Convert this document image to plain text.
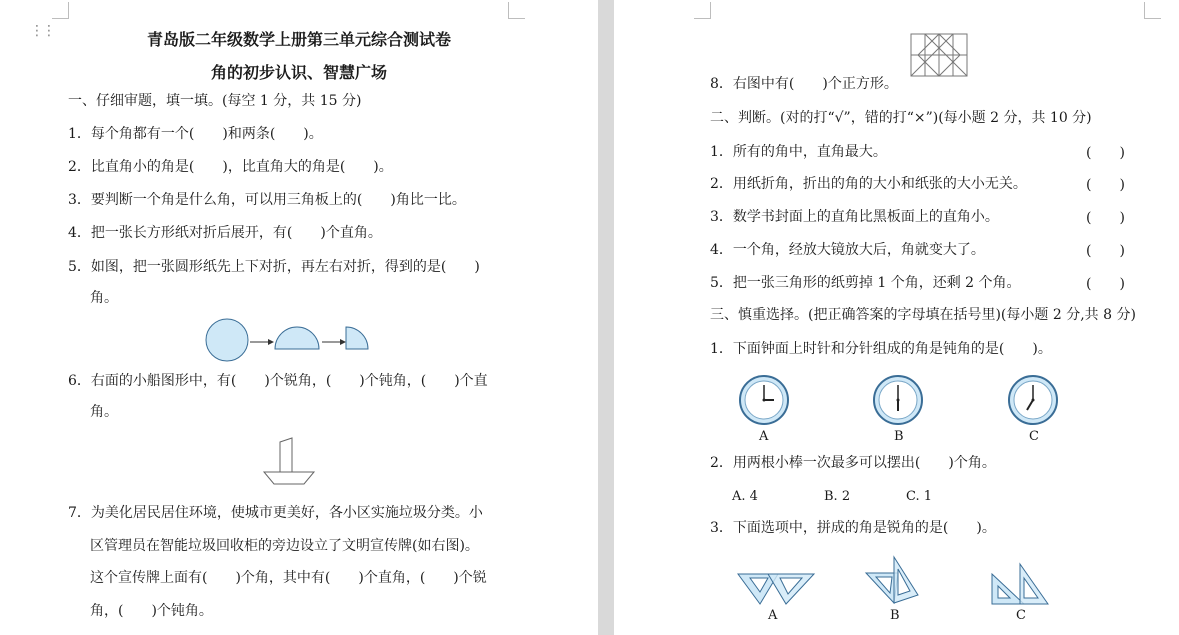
⋮⋮	青岛版二年级数学上册第三单元综合测试卷
角的初步认识、智慧广场
一、仔细审题，填一填。(每空 1 分，共 15 分)
1．每个角都有一个(　　)和两条(　　)。
2．比直角小的角是(　　)，比直角大的角是(　　)。
3．要判断一个角是什么角，可以用三角板上的(　　)角比一比。
4．把一张长方形纸对折后展开，有(　　)个直角。
5．如图，把一张圆形纸先上下对折，再左右对折，得到的是(　　)
角。
6．右面的小船图形中，有(　　)个锐角，(　　)个钝角，(　　)个直
角。
7．为美化居民居住环境，使城市更美好，各小区实施垃圾分类。小
区管理员在智能垃圾回收柜的旁边设立了文明宣传牌(如右图)。
这个宣传牌上面有(　　)个角，其中有(　　)个直角，(　　)个锐
角，(　　)个钝角。
8．右图中有(　　)个正方形。
二、判断。(对的打“√”，错的打“×”)(每小题 2 分，共 10 分)
1．所有的角中，直角最大。	(　　)
2．用纸折角，折出的角的大小和纸张的大小无关。	(　　)
3．数学书封面上的直角比黑板面上的直角小。	(　　)
4．一个角，经放大镜放大后，角就变大了。	(　　)
5．把一张三角形的纸剪掉 1 个角，还剩 2 个角。	(　　)
三、慎重选择。(把正确答案的字母填在括号里)(每小题 2 分,共 8 分)
1．下面钟面上时针和分针组成的角是钝角的是(　　)。
A	B	C
2．用两根小棒一次最多可以摆出(　　)个角。
A. 4	B. 2	C. 1
3．下面选项中，拼成的角是锐角的是(　　)。
A	B	C
